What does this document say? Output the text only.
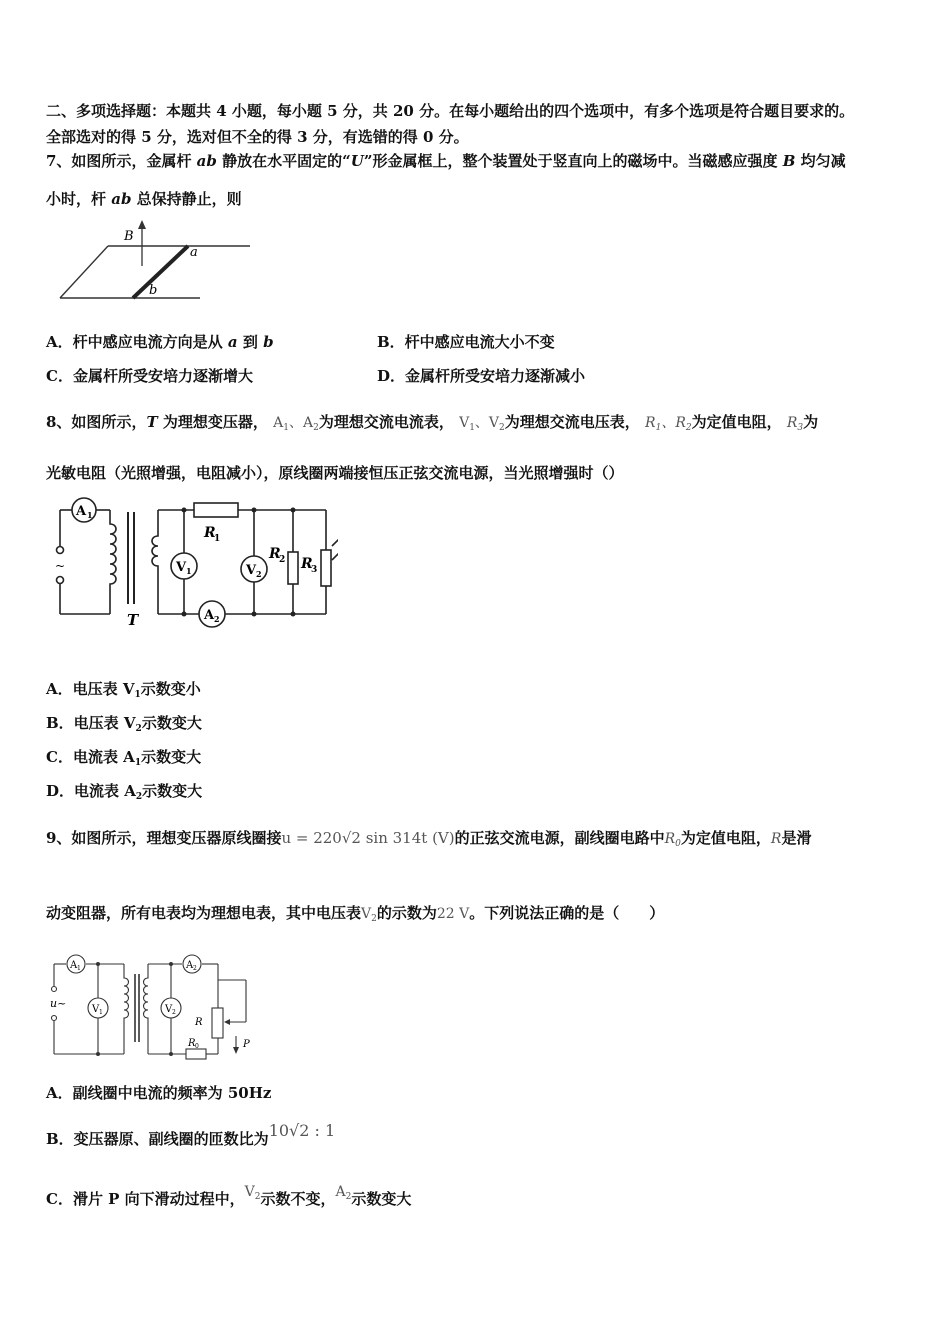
二、多项选择题：本题共 4 小题，每小题 5 分，共 20 分。在每小题给出的四个选项中，有多个选项是符合题目要求的。
全部选对的得 5 分，选对但不全的得 3 分，有选错的得 0 分。
7、如图所示，金属杆 ab 静放在水平固定的“U”形金属框上，整个装置处于竖直向上的磁场中。当磁感应强度 B 均匀减
小时，杆 ab 总保持静止，则
B
a
b
A．杆中感应电流方向是从 a 到 b	B．杆中感应电流大小不变
C．金属杆所受安培力逐渐增大	D．金属杆所受安培力逐渐减小
8、如图所示，T 为理想变压器， $A_1$、$A_2$为理想交流电流表， $V_1$、$V_2$为理想交流电压表， $R_1$、$R_2$为定值电阻， $R_3$为
光敏电阻（光照增强，电阻减小），原线圈两端接恒压正弦交流电源，当光照增强时（）
A 1
~
T
R
1
V 1	V 2
A 2
R
2 R
3
A．电压表 $V_1$示数变小
B．电压表 $V_2$示数变大
C．电流表 $A_1$示数变大
D．电流表 $A_2$示数变大
9、如图所示，理想变压器原线圈接u = 220√2 sin 314t (V)的正弦交流电源，副线圈电路中$R_0$为定值电阻，R是滑
动变阻器，所有电表均为理想电表，其中电压表$V_2$的示数为22 V。下列说法正确的是（　　）
A 1
V 1
A 2
V 2
u~
R
R 0	P
A．副线圈中电流的频率为 50Hz
B．变压器原、副线圈的匝数比为10√2 : 1
C．滑片 P 向下滑动过程中，$V_2$示数不变，$A_2$示数变大
